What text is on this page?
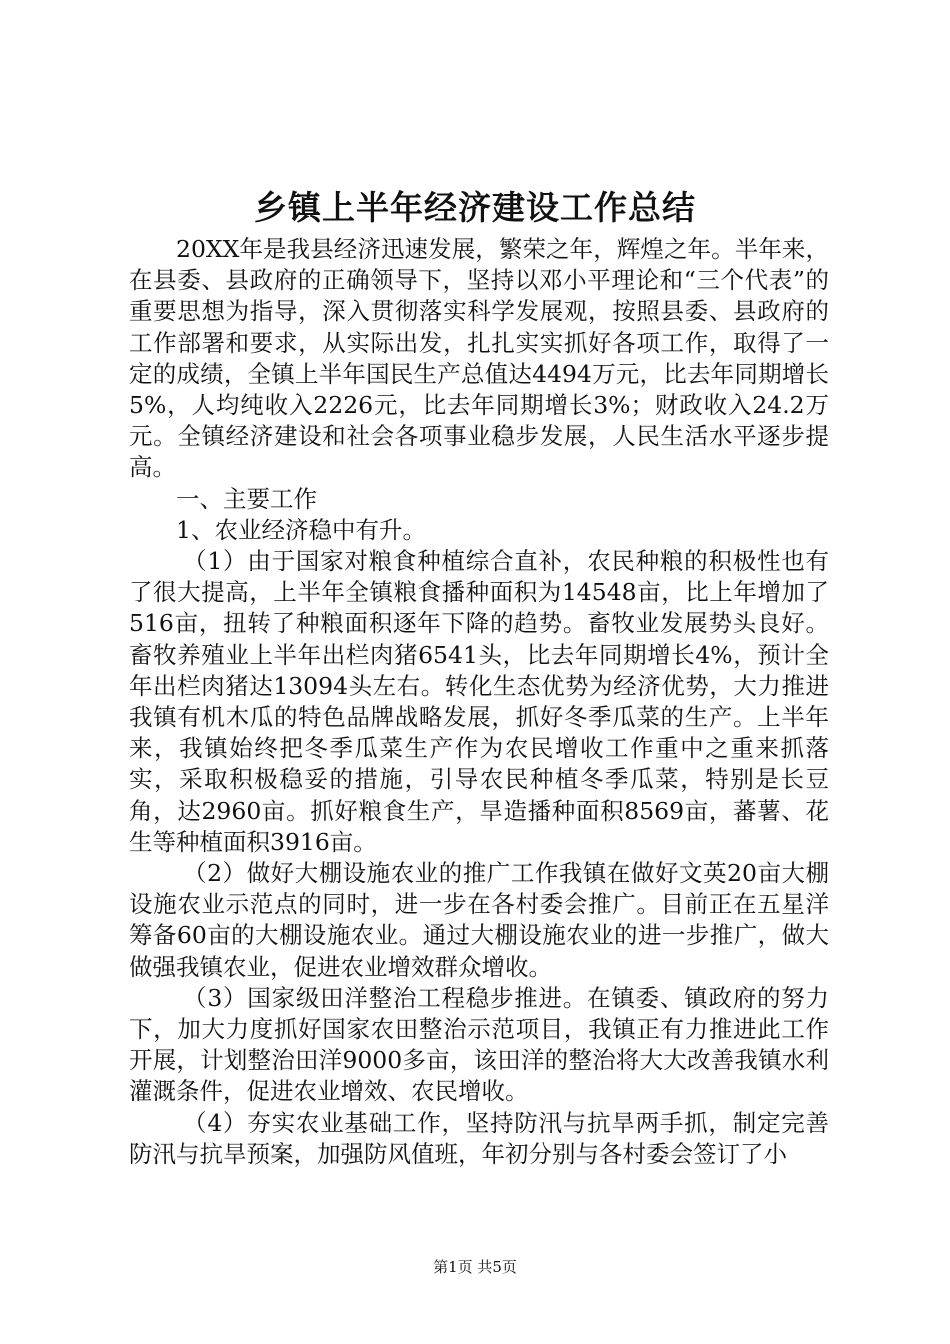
乡镇上半年经济建设工作总结

20XX年是我县经济迅速发展，繁荣之年，辉煌之年。半年来，在县委、县政府的正确领导下，坚持以邓小平理论和“三个代表”的重要思想为指导，深入贯彻落实科学发展观，按照县委、县政府的工作部署和要求，从实际出发，扎扎实实抓好各项工作，取得了一定的成绩，全镇上半年国民生产总值达4494万元，比去年同期增长5%，人均纯收入2226元，比去年同期增长3%；财政收入24.2万元。全镇经济建设和社会各项事业稳步发展，人民生活水平逐步提高。

一、主要工作

1、农业经济稳中有升。

（1）由于国家对粮食种植综合直补，农民种粮的积极性也有了很大提高，上半年全镇粮食播种面积为14548亩，比上年增加了516亩，扭转了种粮面积逐年下降的趋势。畜牧业发展势头良好。畜牧养殖业上半年出栏肉猪6541头，比去年同期增长4%，预计全年出栏肉猪达13094头左右。转化生态优势为经济优势，大力推进我镇有机木瓜的特色品牌战略发展，抓好冬季瓜菜的生产。上半年来，我镇始终把冬季瓜菜生产作为农民增收工作重中之重来抓落实，采取积极稳妥的措施，引导农民种植冬季瓜菜，特别是长豆角，达2960亩。抓好粮食生产，旱造播种面积8569亩，蕃薯、花生等种植面积3916亩。

（2）做好大棚设施农业的推广工作我镇在做好文英20亩大棚设施农业示范点的同时，进一步在各村委会推广。目前正在五星洋筹备60亩的大棚设施农业。通过大棚设施农业的进一步推广，做大做强我镇农业，促进农业增效群众增收。

（3）国家级田洋整治工程稳步推进。在镇委、镇政府的努力下，加大力度抓好国家农田整治示范项目，我镇正有力推进此工作开展，计划整治田洋9000多亩，该田洋的整治将大大改善我镇水利灌溉条件，促进农业增效、农民增收。

（4）夯实农业基础工作，坚持防汛与抗旱两手抓，制定完善防汛与抗旱预案，加强防风值班，年初分别与各村委会签订了小

第1页 共5页
